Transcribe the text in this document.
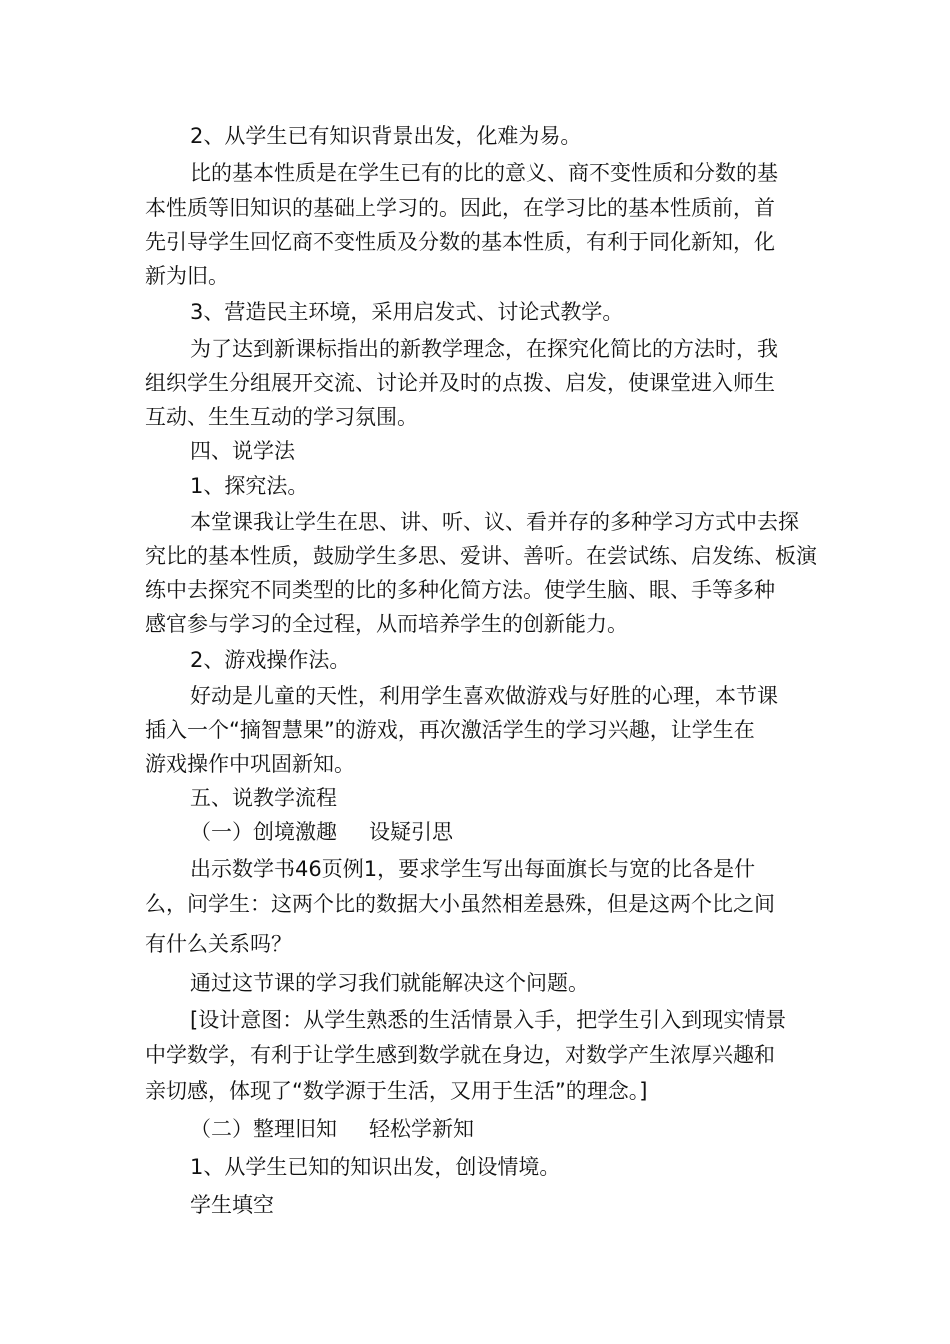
2、从学生已有知识背景出发，化难为易。

比的基本性质是在学生已有的比的意义、商不变性质和分数的基

本性质等旧知识的基础上学习的。因此，在学习比的基本性质前，首

先引导学生回忆商不变性质及分数的基本性质，有利于同化新知，化

新为旧。

3、营造民主环境，采用启发式、讨论式教学。

为了达到新课标指出的新教学理念，在探究化简比的方法时，我

组织学生分组展开交流、讨论并及时的点拨、启发，使课堂进入师生

互动、生生互动的学习氛围。

四、说学法

1、探究法。

本堂课我让学生在思、讲、听、议、看并存的多种学习方式中去探

究比的基本性质，鼓励学生多思、爱讲、善听。在尝试练、启发练、板演

练中去探究不同类型的比的多种化简方法。使学生脑、眼、手等多种

感官参与学习的全过程，从而培养学生的创新能力。

2、游戏操作法。

好动是儿童的天性，利用学生喜欢做游戏与好胜的心理，本节课

插入一个“摘智慧果”的游戏，再次激活学生的学习兴趣，让学生在

游戏操作中巩固新知。

五、说教学流程

（一）创境激趣 设疑引思

出示数学书46页例1，要求学生写出每面旗长与宽的比各是什

么，问学生：这两个比的数据大小虽然相差悬殊，但是这两个比之间

有什么关系吗？

通过这节课的学习我们就能解决这个问题。

[设计意图：从学生熟悉的生活情景入手，把学生引入到现实情景

中学数学，有利于让学生感到数学就在身边，对数学产生浓厚兴趣和

亲切感，体现了“数学源于生活，又用于生活”的理念。]

（二）整理旧知 轻松学新知

1、从学生已知的知识出发，创设情境。

学生填空
